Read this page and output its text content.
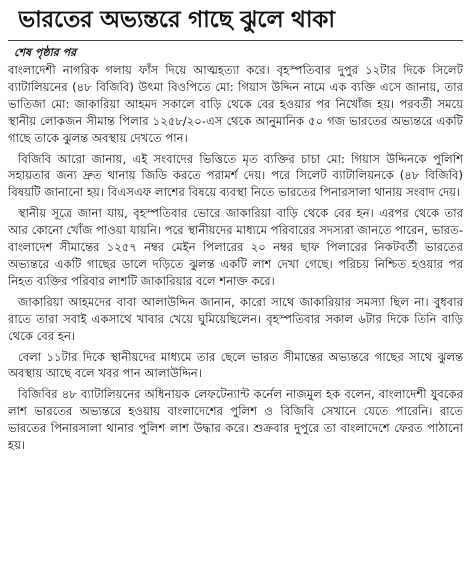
ভারতের অভ্যন্তরে গাছে ঝুলে থাকা
শেষ পৃষ্ঠার পর

বাংলাদেশী নাগরিক গলায় ফাঁস দিয়ে আত্মহত্যা করে। বৃহস্পতিবার দুপুর ১২টার দিকে সিলেট ব্যাটালিয়নের (৪৮ বিজিবি) উৎমা বিওপিতে মো: গিয়াস উদ্দিন নামে এক ব্যক্তি এসে জানায়, তার ভাতিজা মো: জাকারিয়া আহমদ সকালে বাড়ি থেকে বের হওয়ার পর নিখোঁজ হয়। পরবর্তী সময়ে স্থানীয় লোকজন সীমান্ত পিলার ১২৫৮/২০-এস থেকে আনুমানিক ৫০ গজ ভারতের অভ্যন্তরে একটি গাছে তাকে ঝুলন্ত অবস্থায় দেখতে পান।

বিজিবি আরো জানায়, এই সংবাদের ভিত্তিতে মৃত ব্যক্তির চাচা মো: গিয়াস উদ্দিনকে পুলিশি সহায়তার জন্য দ্রুত থানায় জিডি করতে পরামর্শ দেয়। পরে সিলেট ব্যাটালিয়নকে (৪৮ বিজিবি) বিষয়টি জানানো হয়। বিএসএফ লাশের বিষয়ে ব্যবস্থা নিতে ভারতের পিনারসালা থানায় সংবাদ দেয়।

স্থানীয় সূত্রে জানা যায়, বৃহস্পতিবার ভোরে জাকারিয়া বাড়ি থেকে বের হন। এরপর থেকে তার আর কোনো খোঁজ পাওয়া যায়নি। পরে স্থানীয়দের মাধ্যমে পরিবারের সদস্যরা জানতে পারেন, ভারত-বাংলাদেশ সীমান্তের ১২৫৭ নম্বর মেইন পিলারের ২০ নম্বর ছাফ পিলারের নিকটবর্তী ভারতের অভ্যন্তরে একটি গাছের ডালে দড়িতে ঝুলন্ত একটি লাশ দেখা গেছে। পরিচয় নিশ্চিত হওয়ার পর নিহত ব্যক্তির পরিবার লাশটি জাকারিয়ার বলে শনাক্ত করে।

জাকারিয়া আহমদের বাবা আলাউদ্দিন জানান, কারো সাথে জাকারিয়ার সমস্যা ছিল না। বুধবার রাতে তারা সবাই একসাথে খাবার খেয়ে ঘুমিয়েছিলেন। বৃহস্পতিবার সকাল ৬টার দিকে তিনি বাড়ি থেকে বের হন।

বেলা ১১টার দিকে স্থানীয়দের মাধ্যমে তার ছেলে ভারত সীমান্তের অভ্যন্তরে গাছের সাথে ঝুলন্ত অবস্থায় আছে বলে খবর পান আলাউদ্দিন।

বিজিবির ৪৮ ব্যাটালিয়নের অধিনায়ক লেফটেন্যান্ট কর্নেল নাজমুল হক বলেন, বাংলাদেশী যুবকের লাশ ভারতের অভ্যন্তরে হওয়ায় বাংলাদেশের পুলিশ ও বিজিবি সেখানে যেতে পারেনি। রাতে ভারতের পিনারসালা থানার পুলিশ লাশ উদ্ধার করে। শুক্রবার দুপুরে তা বাংলাদেশে ফেরত পাঠানো হয়।
